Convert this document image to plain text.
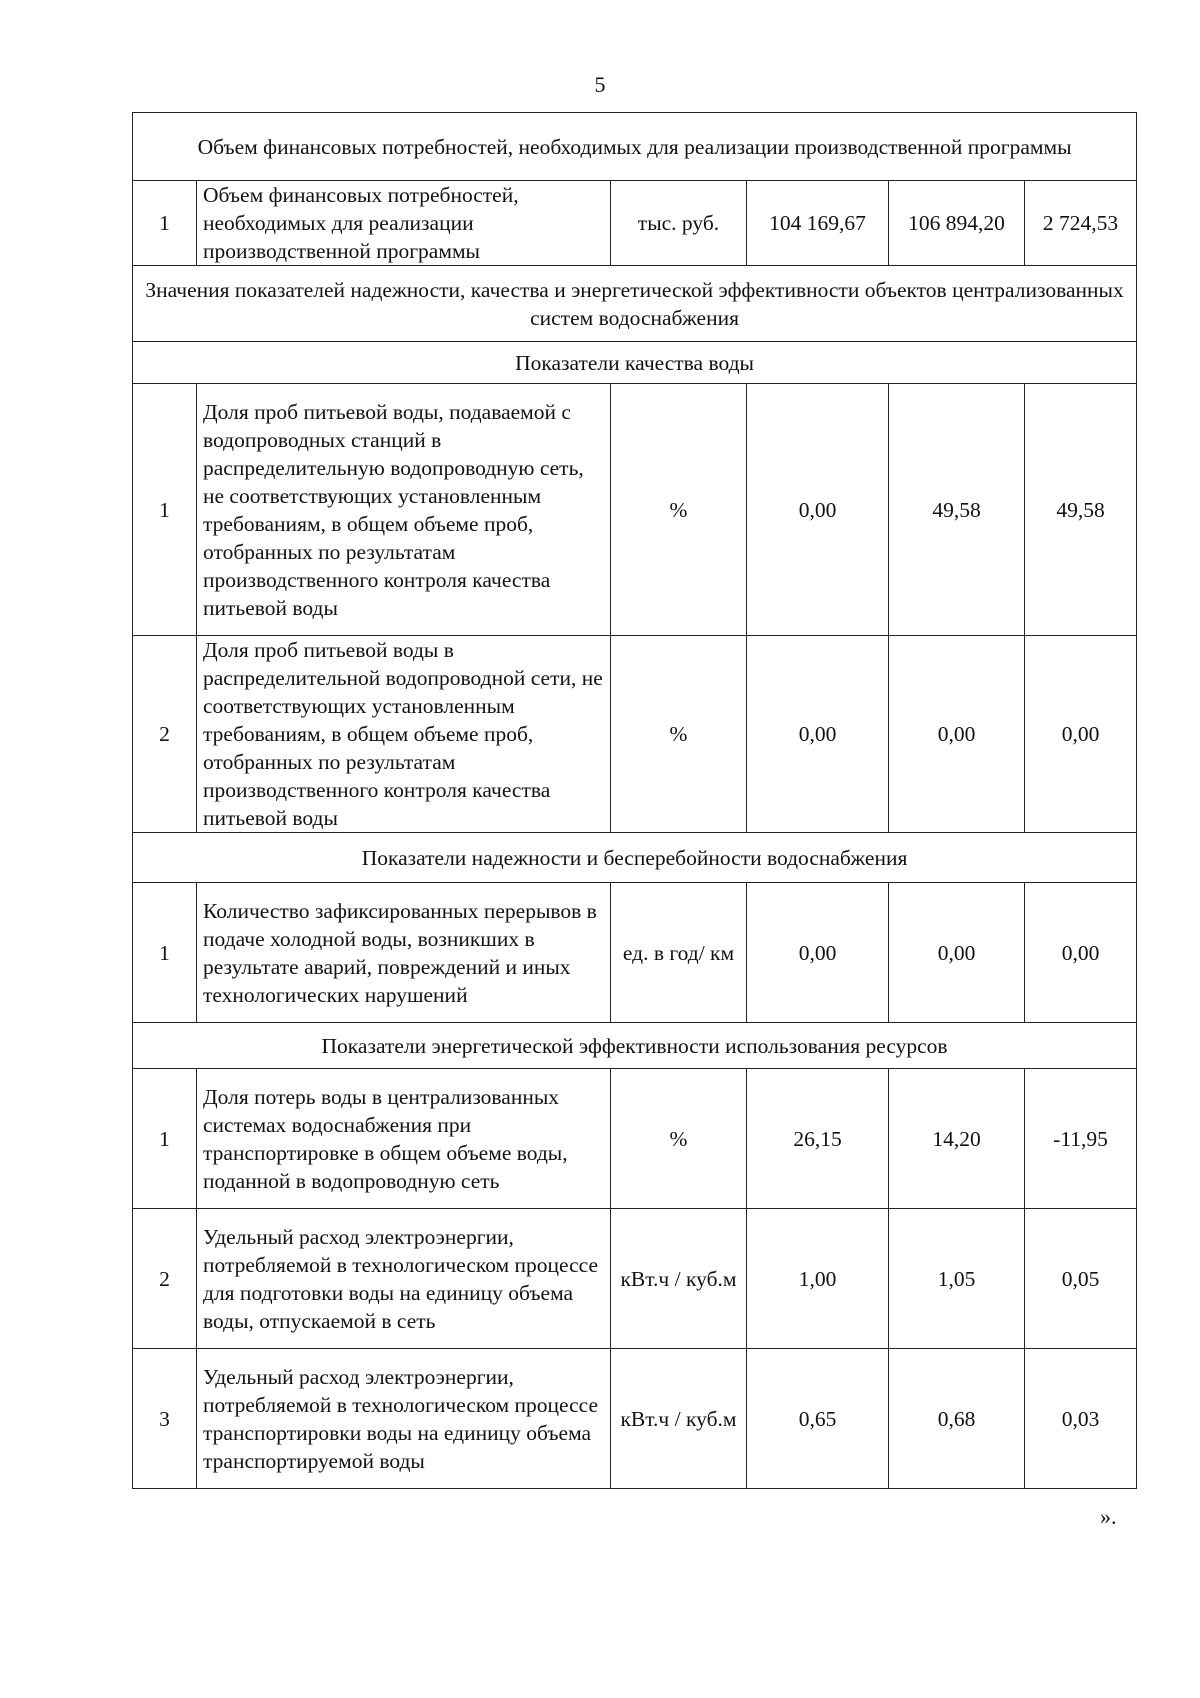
5
Объем финансовых потребностей, необходимых для реализации производственной программы					
1	Объем финансовых потребностей, необходимых для реализации производственной программы	тыс. руб.	104 169,67	106 894,20	2 724,53
Значения показателей надежности, качества и энергетической эффективности объектов централизованных систем водоснабжения					
Показатели качества воды					
1	Доля проб питьевой воды, подаваемой с водопроводных станций в распределительную водопроводную сеть, не соответствующих установленным требованиям, в общем объеме проб, отобранных по результатам производственного контроля качества питьевой воды	%	0,00	49,58	49,58
2	Доля проб питьевой воды в распределительной водопроводной сети, не соответствующих установленным требованиям, в общем объеме проб, отобранных по результатам производственного контроля качества питьевой воды	%	0,00	0,00	0,00
Показатели надежности и бесперебойности водоснабжения					
1	Количество зафиксированных перерывов в подаче холодной воды, возникших в результате аварий, повреждений и иных технологических нарушений	ед. в год/ км	0,00	0,00	0,00
Показатели энергетической эффективности использования ресурсов					
1	Доля потерь воды в централизованных системах водоснабжения при транспортировке в общем объеме воды, поданной в водопроводную сеть	%	26,15	14,20	-11,95
2	Удельный расход электроэнергии, потребляемой в технологическом процессе для подготовки воды на единицу объема воды, отпускаемой в сеть	кВт.ч / куб.м	1,00	1,05	0,05
3	Удельный расход электроэнергии, потребляемой в технологическом процессе транспортировки воды на единицу объема транспортируемой воды	кВт.ч / куб.м	0,65	0,68	0,03
».
